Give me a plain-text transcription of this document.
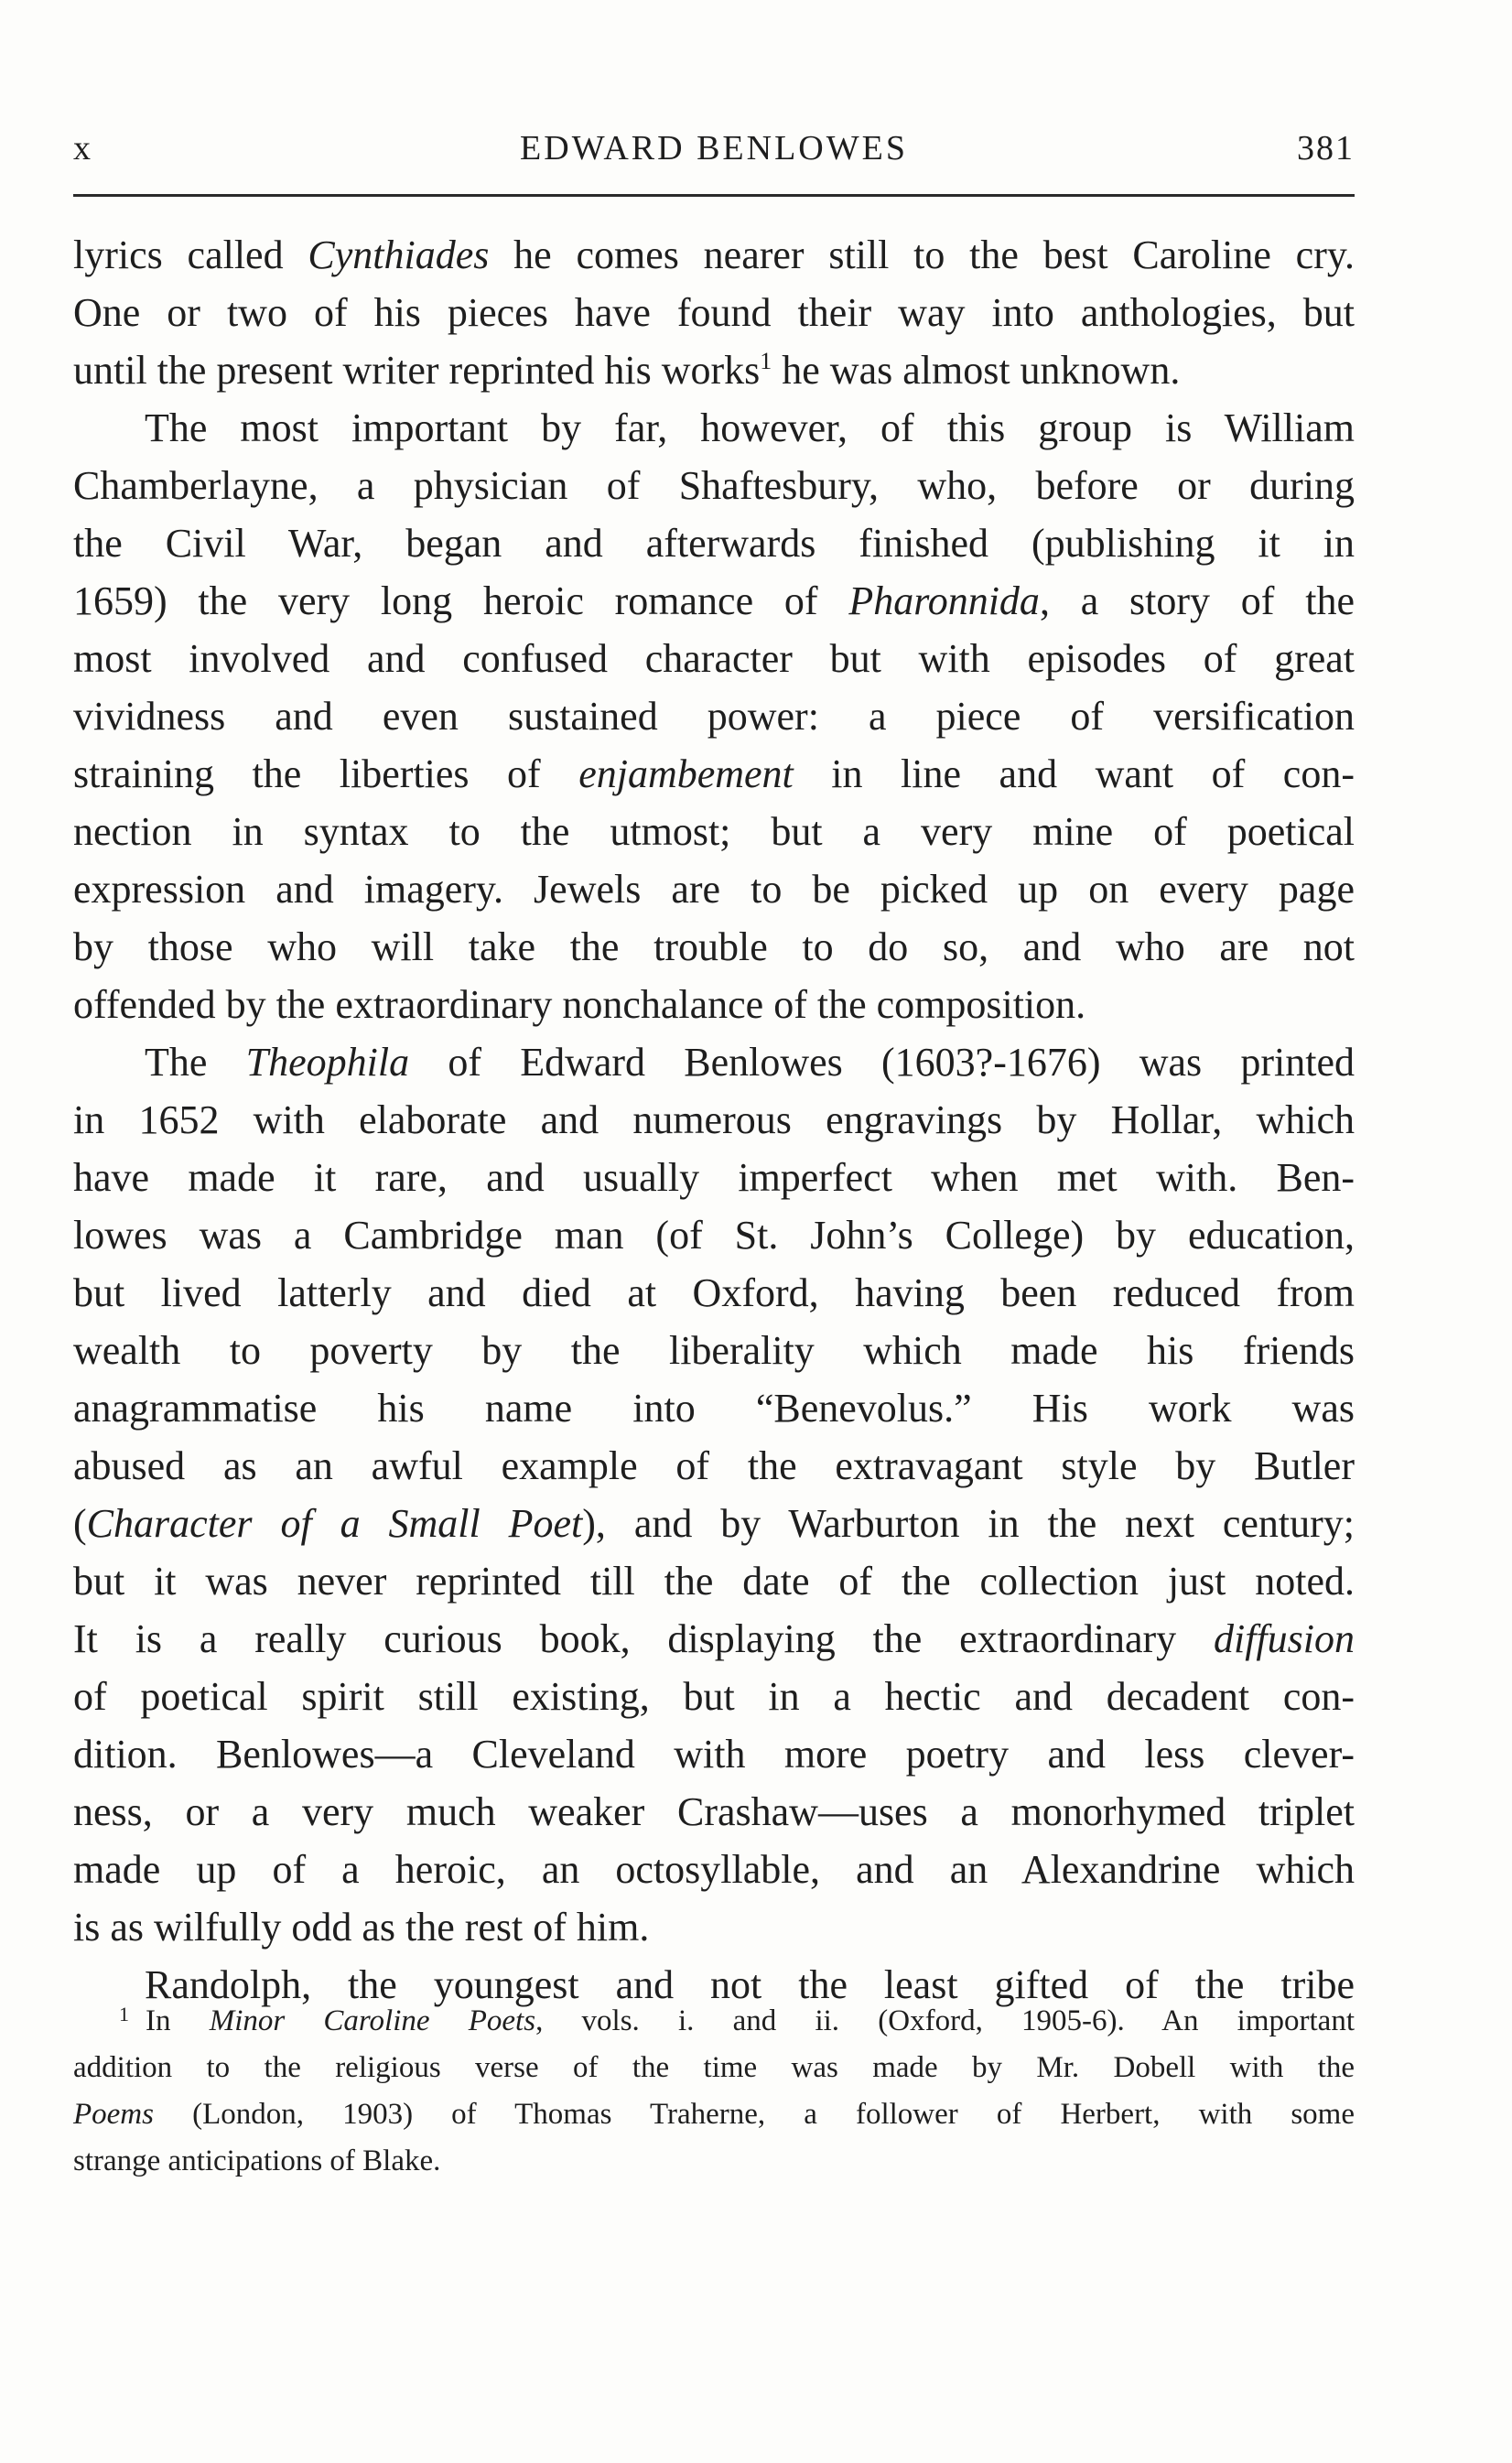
x	EDWARD BENLOWES	381
lyrics called Cynthiades he comes nearer still to the best Caroline cry.
One or two of his pieces have found their way into anthologies, but
until the present writer reprinted his works$^1$ he was almost unknown.
The most important by far, however, of this group is William
Chamberlayne, a physician of Shaftesbury, who, before or during
the Civil War, began and afterwards finished (publishing it in
1659) the very long heroic romance of Pharonnida, a story of the
most involved and confused character but with episodes of great
vividness and even sustained power: a piece of versification
straining the liberties of enjambement in line and want of con-
nection in syntax to the utmost; but a very mine of poetical
expression and imagery. Jewels are to be picked up on every page
by those who will take the trouble to do so, and who are not
offended by the extraordinary nonchalance of the composition.
The Theophila of Edward Benlowes (1603?-1676) was printed
in 1652 with elaborate and numerous engravings by Hollar, which
have made it rare, and usually imperfect when met with. Ben-
lowes was a Cambridge man (of St. John’s College) by education,
but lived latterly and died at Oxford, having been reduced from
wealth to poverty by the liberality which made his friends
anagrammatise his name into “Benevolus.” His work was
abused as an awful example of the extravagant style by Butler
(Character of a Small Poet), and by Warburton in the next century;
but it was never reprinted till the date of the collection just noted.
It is a really curious book, displaying the extraordinary diffusion
of poetical spirit still existing, but in a hectic and decadent con-
dition. Benlowes—a Cleveland with more poetry and less clever-
ness, or a very much weaker Crashaw—uses a monorhymed triplet
made up of a heroic, an octosyllable, and an Alexandrine which
is as wilfully odd as the rest of him.
Randolph, the youngest and not the least gifted of the tribe
$^1$ In Minor Caroline Poets, vols. i. and ii. (Oxford, 1905-6). An important
addition to the religious verse of the time was made by Mr. Dobell with the
Poems (London, 1903) of Thomas Traherne, a follower of Herbert, with some
strange anticipations of Blake.
